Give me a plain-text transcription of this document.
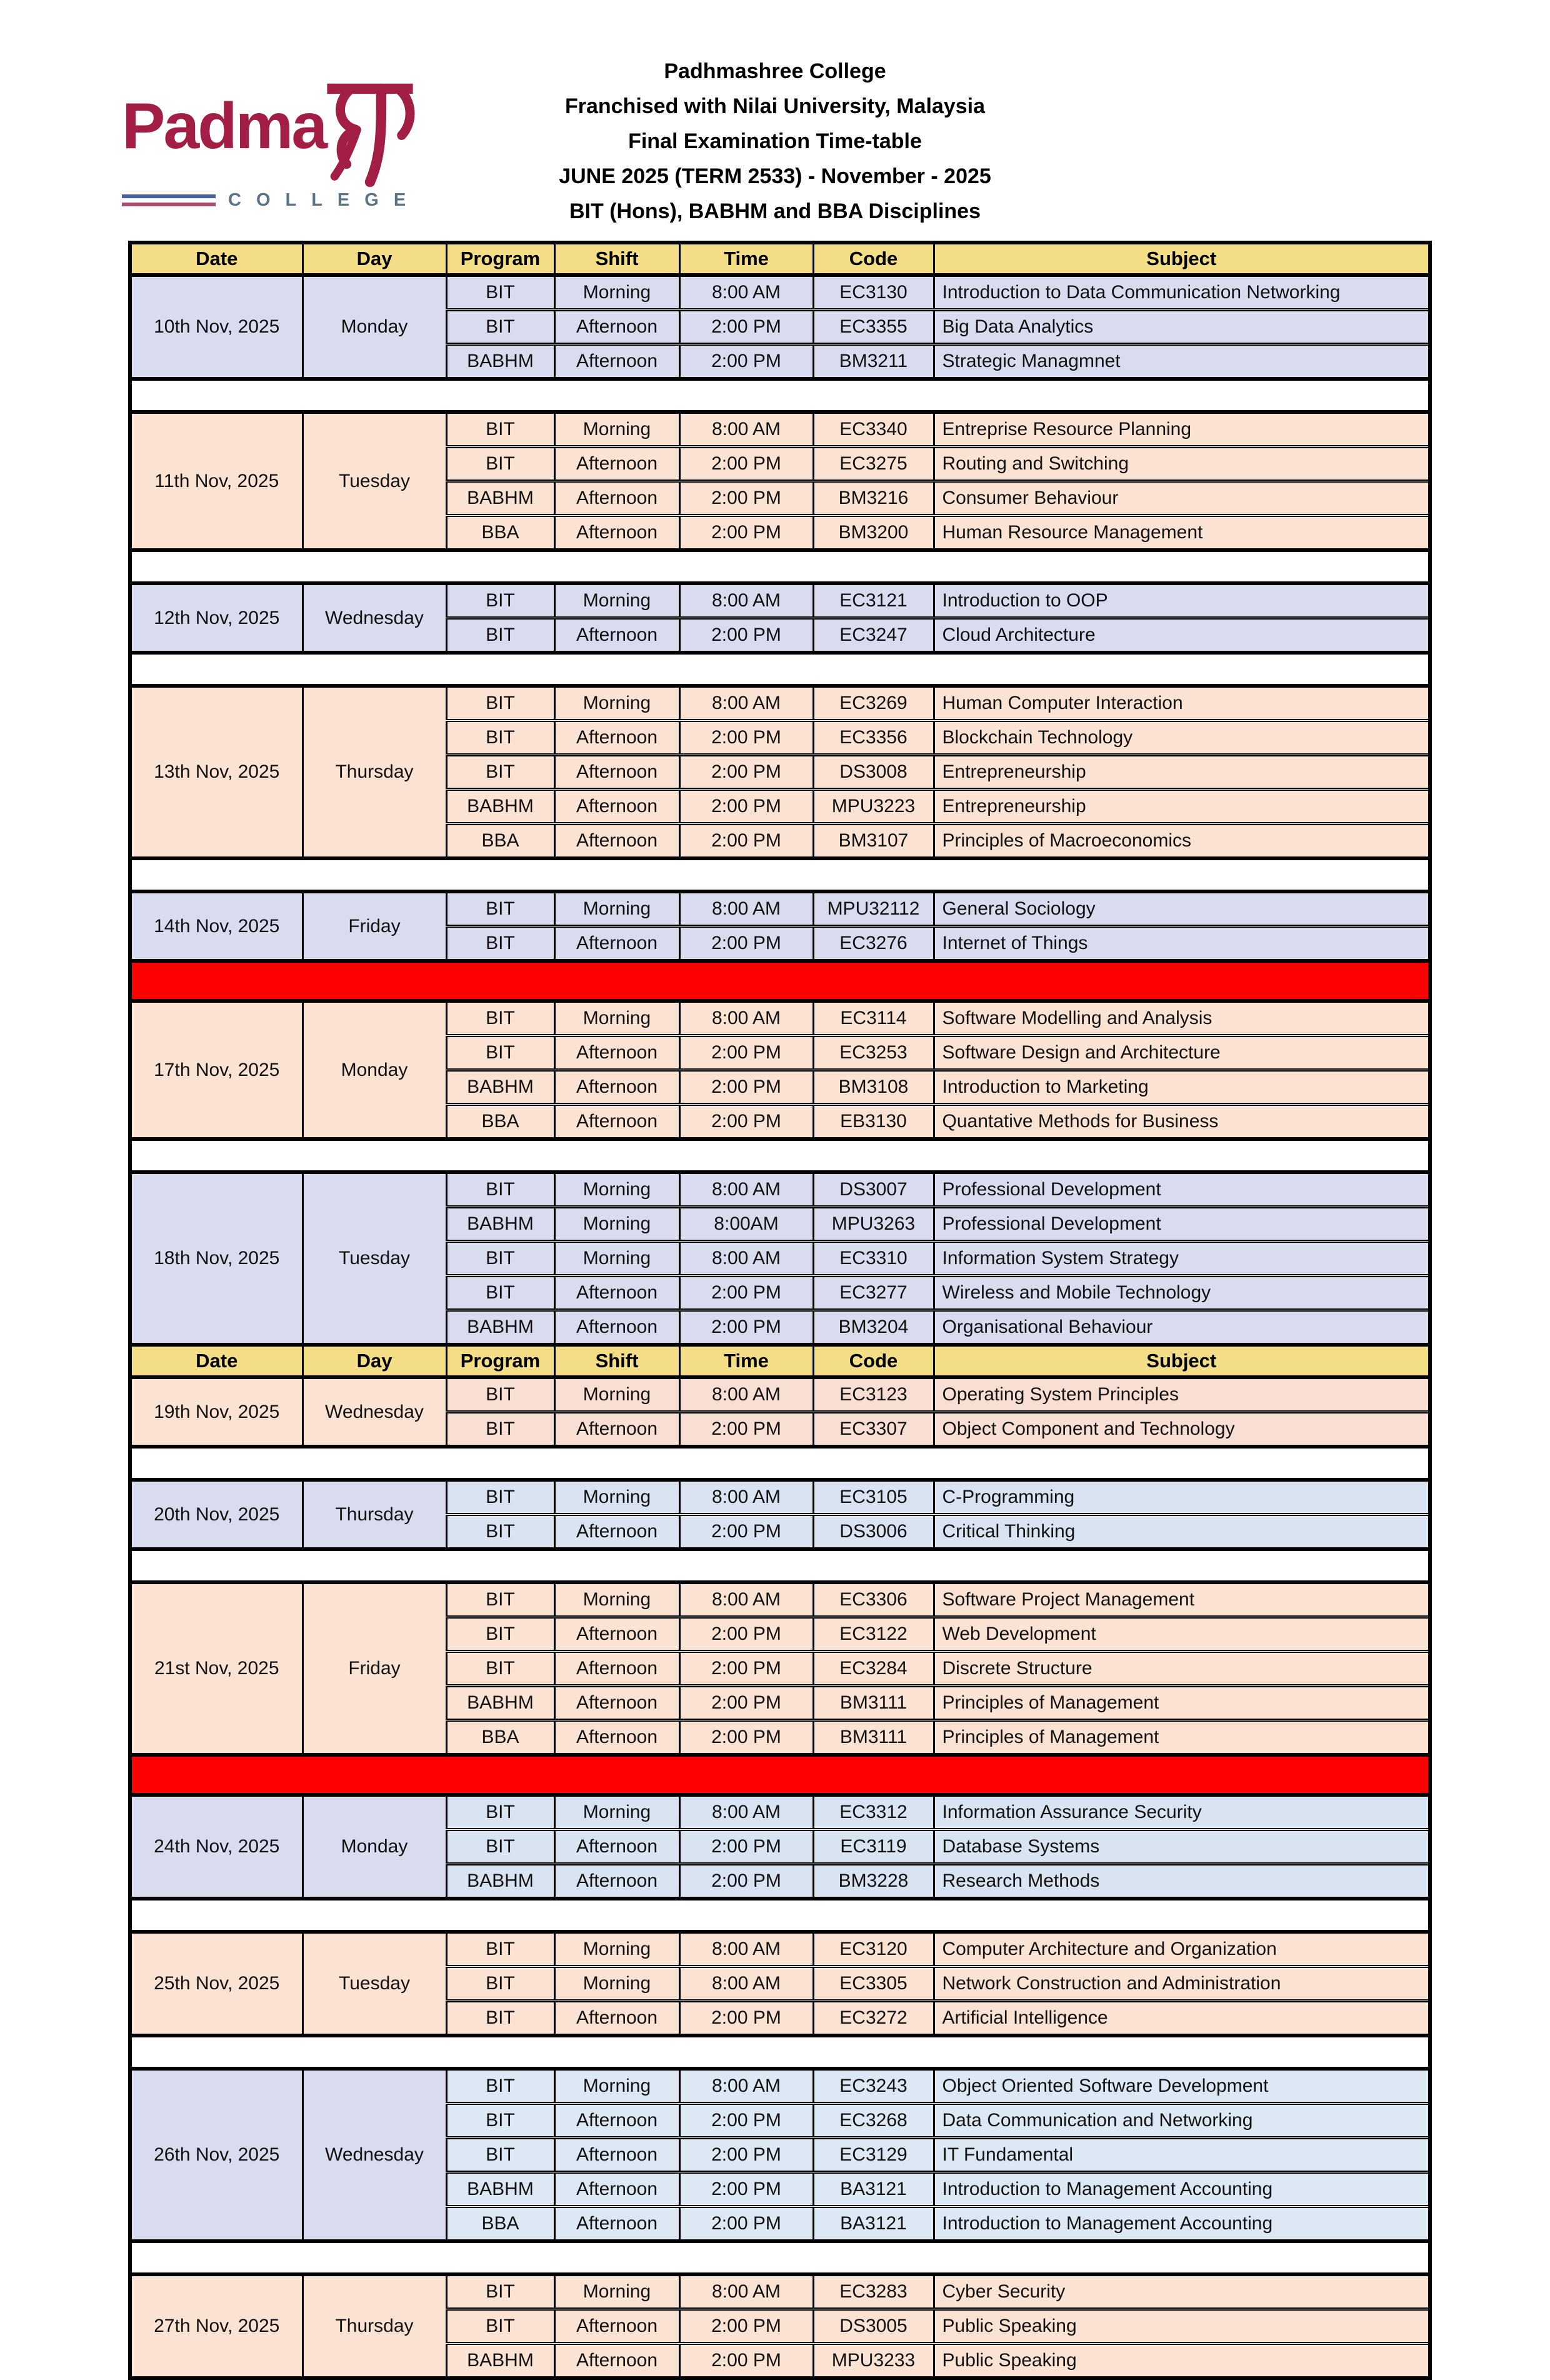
Padhmashree College
Franchised with Nilai University, Malaysia
Final Examination Time-table
JUNE 2025 (TERM 2533) - November - 2025
BIT (Hons), BABHM and BBA Disciplines
Padma
COLLEGE
Date	Day	Program	Shift	Time	Code	Subject
10th Nov, 2025	Monday	BIT	Morning	8:00 AM	EC3130	Introduction to Data Communication Networking
		BIT	Afternoon	2:00 PM	EC3355	Big Data Analytics
		BABHM	Afternoon	2:00 PM	BM3211	Strategic Managmnet

11th Nov, 2025	Tuesday	BIT	Morning	8:00 AM	EC3340	Entreprise Resource Planning
		BIT	Afternoon	2:00 PM	EC3275	Routing and Switching
		BABHM	Afternoon	2:00 PM	BM3216	Consumer Behaviour
		BBA	Afternoon	2:00 PM	BM3200	Human Resource Management

12th Nov, 2025	Wednesday	BIT	Morning	8:00 AM	EC3121	Introduction to OOP
		BIT	Afternoon	2:00 PM	EC3247	Cloud Architecture

13th Nov, 2025	Thursday	BIT	Morning	8:00 AM	EC3269	Human Computer Interaction
		BIT	Afternoon	2:00 PM	EC3356	Blockchain Technology
		BIT	Afternoon	2:00 PM	DS3008	Entrepreneurship
		BABHM	Afternoon	2:00 PM	MPU3223	Entrepreneurship
		BBA	Afternoon	2:00 PM	BM3107	Principles of Macroeconomics

14th Nov, 2025	Friday	BIT	Morning	8:00 AM	MPU32112	General Sociology
		BIT	Afternoon	2:00 PM	EC3276	Internet of Things

17th Nov, 2025	Monday	BIT	Morning	8:00 AM	EC3114	Software Modelling and Analysis
		BIT	Afternoon	2:00 PM	EC3253	Software Design and Architecture
		BABHM	Afternoon	2:00 PM	BM3108	Introduction to Marketing
		BBA	Afternoon	2:00 PM	EB3130	Quantative Methods for Business

18th Nov, 2025	Tuesday	BIT	Morning	8:00 AM	DS3007	Professional Development
		BABHM	Morning	8:00AM	MPU3263	Professional Development
		BIT	Morning	8:00 AM	EC3310	Information System Strategy
		BIT	Afternoon	2:00 PM	EC3277	Wireless and Mobile Technology
		BABHM	Afternoon	2:00 PM	BM3204	Organisational Behaviour
Date	Day	Program	Shift	Time	Code	Subject
19th Nov, 2025	Wednesday	BIT	Morning	8:00 AM	EC3123	Operating System Principles
		BIT	Afternoon	2:00 PM	EC3307	Object Component and Technology

20th Nov, 2025	Thursday	BIT	Morning	8:00 AM	EC3105	C-Programming
		BIT	Afternoon	2:00 PM	DS3006	Critical Thinking

21st Nov, 2025	Friday	BIT	Morning	8:00 AM	EC3306	Software Project Management
		BIT	Afternoon	2:00 PM	EC3122	Web Development
		BIT	Afternoon	2:00 PM	EC3284	Discrete Structure
		BABHM	Afternoon	2:00 PM	BM3111	Principles of Management
		BBA	Afternoon	2:00 PM	BM3111	Principles of Management

24th Nov, 2025	Monday	BIT	Morning	8:00 AM	EC3312	Information Assurance Security
		BIT	Afternoon	2:00 PM	EC3119	Database Systems
		BABHM	Afternoon	2:00 PM	BM3228	Research Methods

25th Nov, 2025	Tuesday	BIT	Morning	8:00 AM	EC3120	Computer Architecture and Organization
		BIT	Morning	8:00 AM	EC3305	Network Construction and Administration
		BIT	Afternoon	2:00 PM	EC3272	Artificial Intelligence

26th Nov, 2025	Wednesday	BIT	Morning	8:00 AM	EC3243	Object Oriented Software Development
		BIT	Afternoon	2:00 PM	EC3268	Data Communication and Networking
		BIT	Afternoon	2:00 PM	EC3129	IT Fundamental
		BABHM	Afternoon	2:00 PM	BA3121	Introduction to Management Accounting
		BBA	Afternoon	2:00 PM	BA3121	Introduction to Management Accounting

27th Nov, 2025	Thursday	BIT	Morning	8:00 AM	EC3283	Cyber Security
		BIT	Afternoon	2:00 PM	DS3005	Public Speaking
		BABHM	Afternoon	2:00 PM	MPU3233	Public Speaking
